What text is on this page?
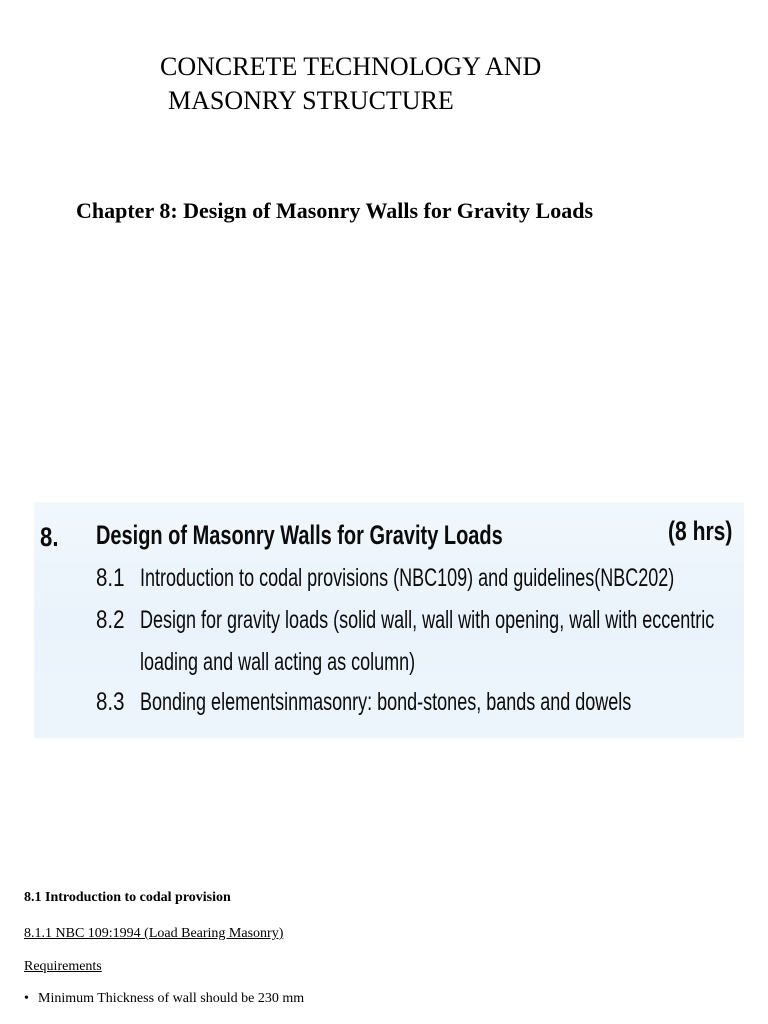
CONCRETE TECHNOLOGY AND
MASONRY STRUCTURE
Chapter 8: Design of Masonry Walls for Gravity Loads
8. Design of Masonry Walls for Gravity Loads	(8 hrs)
8.1 Introduction to codal provisions (NBC109) and guidelines(NBC202)
8.2 Design for gravity loads (solid wall, wall with opening, wall with eccentric
loading and wall acting as column)
8.3 Bonding elementsinmasonry: bond-stones, bands and dowels
8.1 Introduction to codal provision
8.1.1 NBC 109:1994 (Load Bearing Masonry)
Requirements
• Minimum Thickness of wall should be 230 mm
